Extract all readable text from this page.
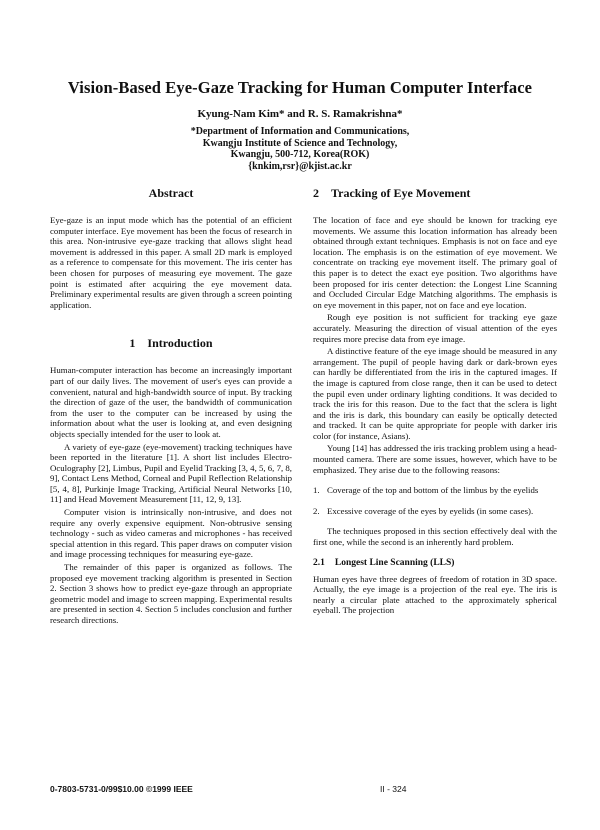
Vision-Based Eye-Gaze Tracking for Human Computer Interface
Kyung-Nam Kim* and R. S. Ramakrishna*
*Department of Information and Communications,
Kwangju Institute of Science and Technology,
Kwangju, 500-712, Korea(ROK)
{knkim,rsr}@kjist.ac.kr
Abstract

Eye-gaze is an input mode which has the potential of an efficient computer interface. Eye movement has been the focus of research in this area. Non-intrusive eye-gaze tracking that allows slight head movement is addressed in this paper. A small 2D mark is employed as a reference to compensate for this movement. The iris center has been chosen for purposes of measuring eye movement. The gaze point is estimated after acquiring the eye movement data. Preliminary experimental results are given through a screen pointing application.

1 Introduction

Human-computer interaction has become an increasingly important part of our daily lives. The movement of user's eyes can provide a convenient, natural and high-bandwidth source of input. By tracking the direction of gaze of the user, the bandwidth of communication from the user to the computer can be increased by using the information about what the user is looking at, and even designing objects specially intended for the user to look at.

A variety of eye-gaze (eye-movement) tracking techniques have been reported in the literature [1]. A short list includes Electro-Oculography [2], Limbus, Pupil and Eyelid Tracking [3, 4, 5, 6, 7, 8, 9], Contact Lens Method, Corneal and Pupil Reflection Relationship [5, 4, 8], Purkinje Image Tracking, Artificial Neural Networks [10, 11] and Head Movement Measurement [11, 12, 9, 13].

Computer vision is intrinsically non-intrusive, and does not require any overly expensive equipment. Non-obtrusive sensing technology - such as video cameras and microphones - has received special attention in this regard. This paper draws on computer vision and image processing techniques for measuring eye-gaze.

The remainder of this paper is organized as follows. The proposed eye movement tracking algorithm is presented in Section 2. Section 3 shows how to predict eye-gaze through an appropriate geometric model and image to screen mapping. Experimental results are presented in section 4. Section 5 includes conclusion and further research directions.

2 Tracking of Eye Movement

The location of face and eye should be known for tracking eye movements. We assume this location information has already been obtained through extant techniques. Emphasis is not on face and eye location. The emphasis is on the estimation of eye movement. We concentrate on tracking eye movement itself. The primary goal of this paper is to detect the exact eye position. Two algorithms have been proposed for iris center detection: the Longest Line Scanning and Occluded Circular Edge Matching algorithms. The emphasis is on eye movement in this paper, not on face and eye location.

Rough eye position is not sufficient for tracking eye gaze accurately. Measuring the direction of visual attention of the eyes requires more precise data from eye image.

A distinctive feature of the eye image should be measured in any arrangement. The pupil of people having dark or dark-brown eyes can hardly be differentiated from the iris in the captured images. If the image is captured from close range, then it can be used to detect the pupil even under ordinary lighting conditions. It was decided to track the iris for this reason. Due to the fact that the sclera is light and the iris is dark, this boundary can easily be optically detected and tracked. It can be quite appropriate for people with darker iris color (for instance, Asians).

Young [14] has addressed the iris tracking problem using a head-mounted camera. There are some issues, however, which have to be emphasized. They arise due to the following reasons:

1. Coverage of the top and bottom of the limbus by the eyelids
2. Excessive coverage of the eyes by eyelids (in some cases).

The techniques proposed in this section effectively deal with the first one, while the second is an inherently hard problem.

2.1 Longest Line Scanning (LLS)

Human eyes have three degrees of freedom of rotation in 3D space. Actually, the eye image is a projection of the real eye. The iris is nearly a circular plate attached to the approximately spherical eyeball. The projection

0-7803-5731-0/99$10.00 ©1999 IEEE	II - 324
